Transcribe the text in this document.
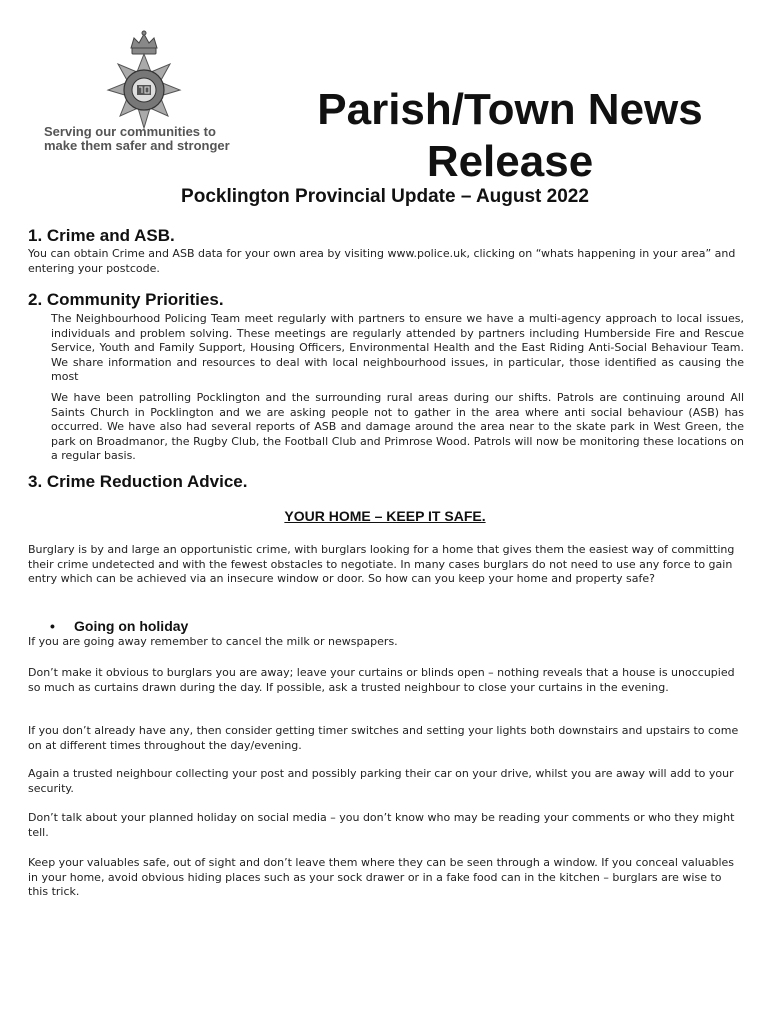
Serving our communities to
make them safer and stronger
Parish/Town News
Release
Pocklington Provincial Update – August 2022
1. Crime and ASB.

You can obtain Crime and ASB data for your own area by visiting www.police.uk, clicking on “whats happening in your area” and entering your postcode.

2. Community Priorities.

The Neighbourhood Policing Team meet regularly with partners to ensure we have a multi-agency approach to local issues, individuals and problem solving. These meetings are regularly attended by partners including Humberside Fire and Rescue Service, Youth and Family Support, Housing Officers, Environmental Health and the East Riding Anti-Social Behaviour Team. We share information and resources to deal with local neighbourhood issues, in particular, those identified as causing the most

We have been patrolling Pocklington and the surrounding rural areas during our shifts. Patrols are continuing around All Saints Church in Pocklington and we are asking people not to gather in the area where anti social behaviour (ASB) has occurred. We have also had several reports of ASB and damage around the area near to the skate park in West Green, the park on Broadmanor, the Rugby Club, the Football Club and Primrose Wood. Patrols will now be monitoring these locations on a regular basis.

3. Crime Reduction Advice.

YOUR HOME – KEEP IT SAFE.

Burglary is by and large an opportunistic crime, with burglars looking for a home that gives them the easiest way of committing their crime undetected and with the fewest obstacles to negotiate. In many cases burglars do not need to use any force to gain entry which can be achieved via an insecure window or door. So how can you keep your home and property safe?

• Going on holiday

If you are going away remember to cancel the milk or newspapers.

Don’t make it obvious to burglars you are away; leave your curtains or blinds open – nothing reveals that a house is unoccupied so much as curtains drawn during the day. If possible, ask a trusted neighbour to close your curtains in the evening.

If you don’t already have any, then consider getting timer switches and setting your lights both downstairs and upstairs to come on at different times throughout the day/evening.

Again a trusted neighbour collecting your post and possibly parking their car on your drive, whilst you are away will add to your security.

Don’t talk about your planned holiday on social media – you don’t know who may be reading your comments or who they might tell.

Keep your valuables safe, out of sight and don’t leave them where they can be seen through a window. If you conceal valuables in your home, avoid obvious hiding places such as your sock drawer or in a fake food can in the kitchen – burglars are wise to this trick.
